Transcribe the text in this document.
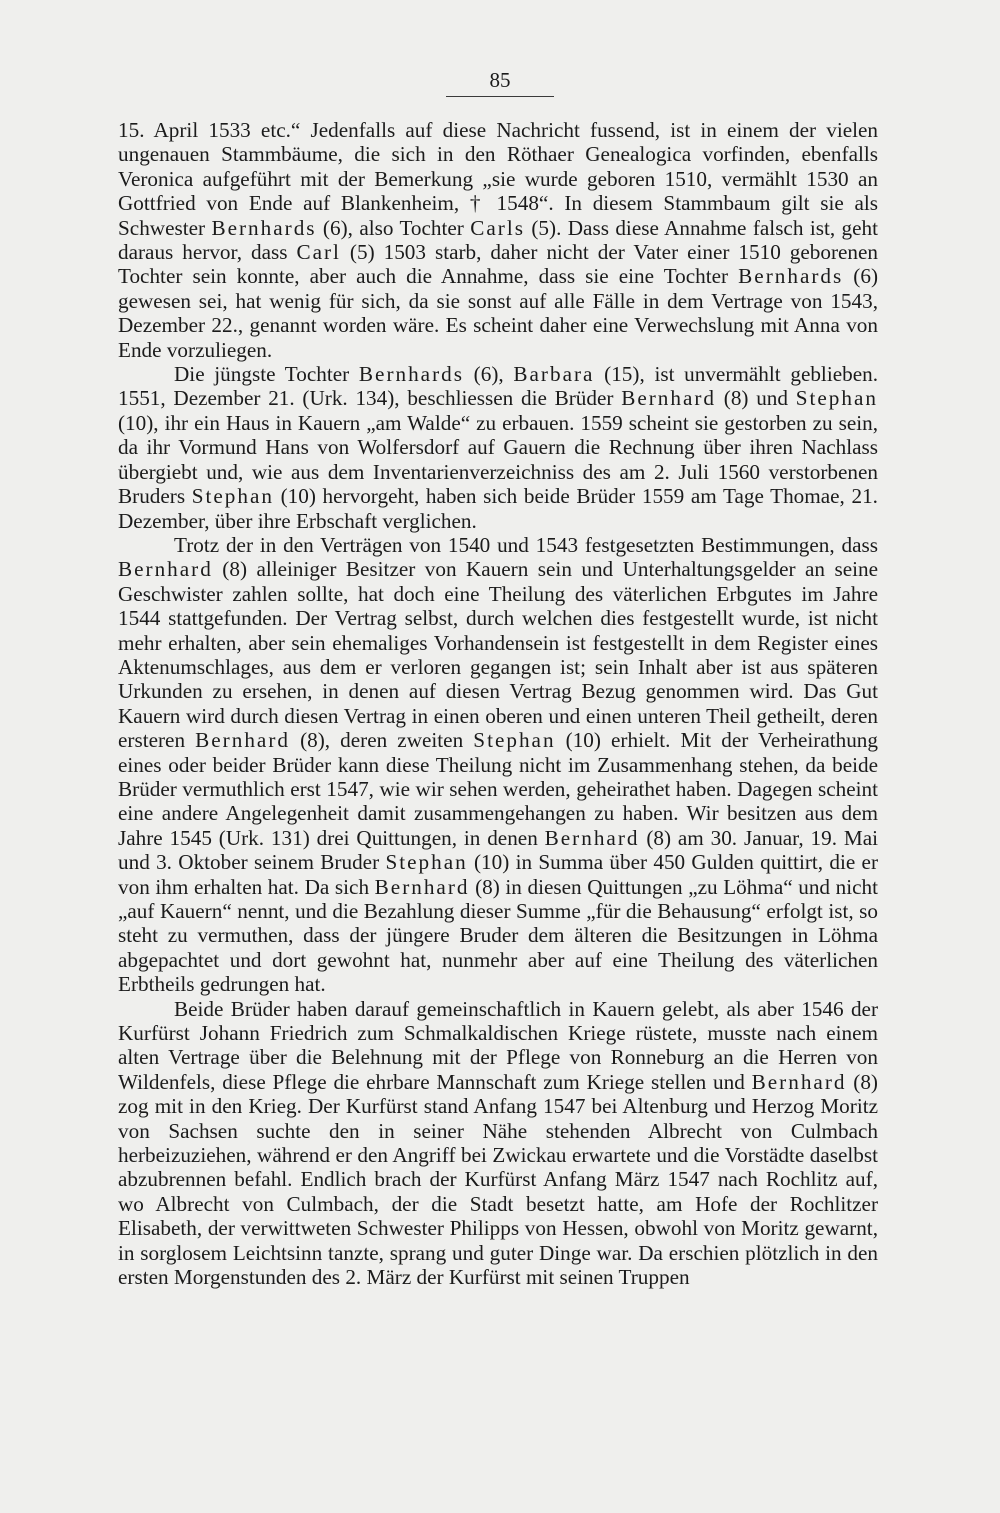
85

15. April 1533 etc.“ Jedenfalls auf diese Nachricht fussend, ist in einem der vielen ungenauen Stammbäume, die sich in den Röthaer Genealogica vorfinden, ebenfalls Veronica aufgeführt mit der Bemerkung „sie wurde geboren 1510, vermählt 1530 an Gottfried von Ende auf Blankenheim, † 1548“. In diesem Stammbaum gilt sie als Schwester Bernhards (6), also Tochter Carls (5). Dass diese Annahme falsch ist, geht daraus hervor, dass Carl (5) 1503 starb, daher nicht der Vater einer 1510 geborenen Tochter sein konnte, aber auch die Annahme, dass sie eine Tochter Bernhards (6) gewesen sei, hat wenig für sich, da sie sonst auf alle Fälle in dem Vertrage von 1543, Dezember 22., genannt worden wäre. Es scheint daher eine Verwechslung mit Anna von Ende vorzuliegen.

Die jüngste Tochter Bernhards (6), Barbara (15), ist unvermählt geblieben. 1551, Dezember 21. (Urk. 134), beschliessen die Brüder Bernhard (8) und Stephan (10), ihr ein Haus in Kauern „am Walde“ zu erbauen. 1559 scheint sie gestorben zu sein, da ihr Vormund Hans von Wolfersdorf auf Gauern die Rechnung über ihren Nachlass übergiebt und, wie aus dem Inventarienverzeichniss des am 2. Juli 1560 verstorbenen Bruders Stephan (10) hervorgeht, haben sich beide Brüder 1559 am Tage Thomae, 21. Dezember, über ihre Erbschaft verglichen.

Trotz der in den Verträgen von 1540 und 1543 festgesetzten Bestimmungen, dass Bernhard (8) alleiniger Besitzer von Kauern sein und Unterhaltungsgelder an seine Geschwister zahlen sollte, hat doch eine Theilung des väterlichen Erbgutes im Jahre 1544 stattgefunden. Der Vertrag selbst, durch welchen dies festgestellt wurde, ist nicht mehr erhalten, aber sein ehemaliges Vorhandensein ist festgestellt in dem Register eines Aktenumschlages, aus dem er verloren gegangen ist; sein Inhalt aber ist aus späteren Urkunden zu ersehen, in denen auf diesen Vertrag Bezug genommen wird. Das Gut Kauern wird durch diesen Vertrag in einen oberen und einen unteren Theil getheilt, deren ersteren Bernhard (8), deren zweiten Stephan (10) erhielt. Mit der Verheirathung eines oder beider Brüder kann diese Theilung nicht im Zusammenhang stehen, da beide Brüder vermuthlich erst 1547, wie wir sehen werden, geheirathet haben. Dagegen scheint eine andere Angelegenheit damit zusammengehangen zu haben. Wir besitzen aus dem Jahre 1545 (Urk. 131) drei Quittungen, in denen Bernhard (8) am 30. Januar, 19. Mai und 3. Oktober seinem Bruder Stephan (10) in Summa über 450 Gulden quittirt, die er von ihm erhalten hat. Da sich Bernhard (8) in diesen Quittungen „zu Löhma“ und nicht „auf Kauern“ nennt, und die Bezahlung dieser Summe „für die Behausung“ erfolgt ist, so steht zu vermuthen, dass der jüngere Bruder dem älteren die Besitzungen in Löhma abgepachtet und dort gewohnt hat, nunmehr aber auf eine Theilung des väterlichen Erbtheils gedrungen hat.

Beide Brüder haben darauf gemeinschaftlich in Kauern gelebt, als aber 1546 der Kurfürst Johann Friedrich zum Schmalkaldischen Kriege rüstete, musste nach einem alten Vertrage über die Belehnung mit der Pflege von Ronneburg an die Herren von Wildenfels, diese Pflege die ehrbare Mannschaft zum Kriege stellen und Bernhard (8) zog mit in den Krieg. Der Kurfürst stand Anfang 1547 bei Altenburg und Herzog Moritz von Sachsen suchte den in seiner Nähe stehenden Albrecht von Culmbach herbeizuziehen, während er den Angriff bei Zwickau erwartete und die Vorstädte daselbst abzubrennen befahl. Endlich brach der Kurfürst Anfang März 1547 nach Rochlitz auf, wo Albrecht von Culmbach, der die Stadt besetzt hatte, am Hofe der Rochlitzer Elisabeth, der verwittweten Schwester Philipps von Hessen, obwohl von Moritz gewarnt, in sorglosem Leichtsinn tanzte, sprang und guter Dinge war. Da erschien plötzlich in den ersten Morgenstunden des 2. März der Kurfürst mit seinen Truppen
